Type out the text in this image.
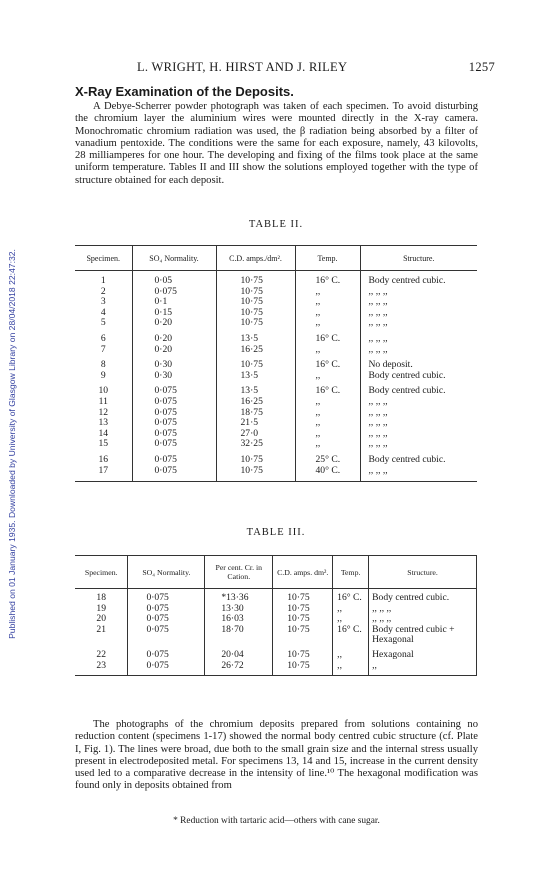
Published on 01 January 1935. Downloaded by University of Glasgow Library on 28/04/2018 22:47:32.
L. WRIGHT, H. HIRST AND J. RILEY	1257
X-Ray Examination of the Deposits.
A Debye-Scherrer powder photograph was taken of each specimen. To avoid disturbing the chromium layer the aluminium wires were mounted directly in the X-ray camera. Monochromatic chromium radiation was used, the β radiation being absorbed by a filter of vanadium pentoxide. The conditions were the same for each exposure, namely, 43 kilovolts, 28 milliamperes for one hour. The developing and fixing of the films took place at the same uniform temperature. Tables II and III show the solutions employed together with the type of structure obtained for each deposit.
TABLE II.
Specimen.	SO₄ Normality.	C.D. amps./dm².	Temp.	Structure.

1	0·05	10·75	16° C.	Body centred cubic.
2	0·075	10·75	,,	,, ,, ,,
3	0·1	10·75	,,	,, ,, ,,
4	0·15	10·75	,,	,, ,, ,,
5	0·20	10·75	,,	,, ,, ,,

6	0·20	13·5	16° C.	,, ,, ,,
7	0·20	16·25	,,	,, ,, ,,

8	0·30	10·75	16° C.	No deposit.
9	0·30	13·5	,,	Body centred cubic.

10	0·075	13·5	16° C.	Body centred cubic.
11	0·075	16·25	,,	,, ,, ,,
12	0·075	18·75	,,	,, ,, ,,
13	0·075	21·5	,,	,, ,, ,,
14	0·075	27·0	,,	,, ,, ,,
15	0·075	32·25	,,	,, ,, ,,

16	0·075	10·75	25° C.	Body centred cubic.
17	0·075	10·75	40° C.	,, ,, ,,

TABLE III.
Specimen.	SO₄ Normality.	Per cent. Cr. in Cation.	C.D. amps. dm².	Temp.	Structure.

18	0·075	*13·36	10·75	16° C.	Body centred cubic.
19	0·075	13·30	10·75	,,	,, ,, ,,
20	0·075	16·03	10·75	,,	,, ,, ,,
21	0·075	18·70	10·75	16° C.	Body centred cubic +
					Hexagonal

22	0·075	20·04	10·75	,,	Hexagonal
23	0·075	26·72	10·75	,,	,,

The photographs of the chromium deposits prepared from solutions containing no reduction content (specimens 1-17) showed the normal body centred cubic structure (cf. Plate I, Fig. 1). The lines were broad, due both to the small grain size and the internal stress usually present in electrodeposited metal. For specimens 13, 14 and 15, increase in the current density used led to a comparative decrease in the intensity of line.¹⁰ The hexagonal modification was found only in deposits obtained from
* Reduction with tartaric acid—others with cane sugar.
